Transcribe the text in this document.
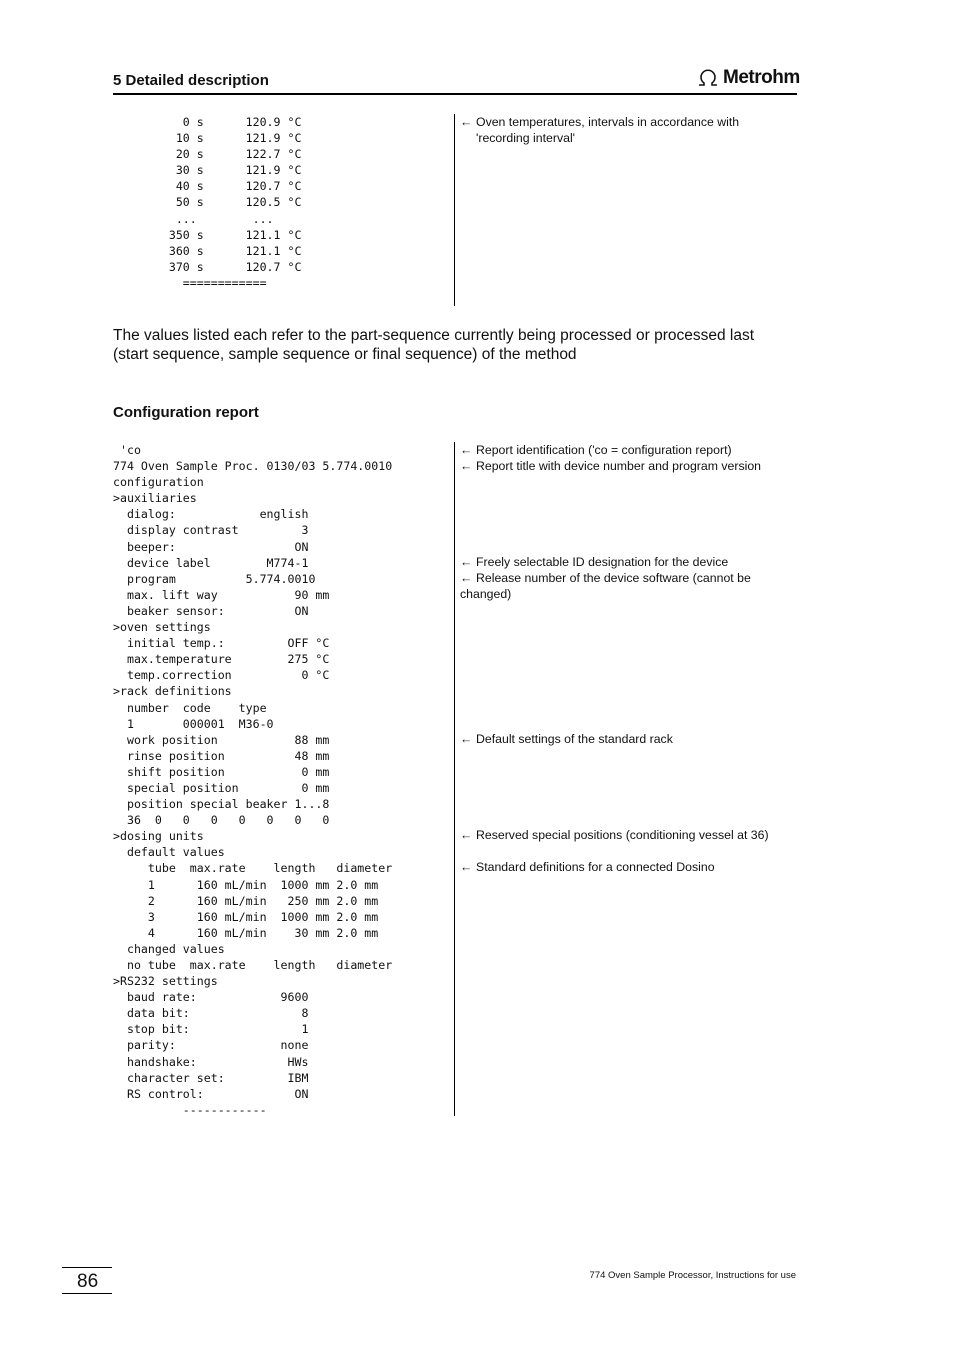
5 Detailed description	Metrohm
0 s      120.9 °C
10 s      121.9 °C
20 s      122.7 °C
30 s      121.9 °C
40 s      120.7 °C
50 s      120.5 °C
...        ...
350 s      121.1 °C
360 s      121.1 °C
370 s      120.7 °C
============
← Oven temperatures, intervals in accordance with
'recording interval'
The values listed each refer to the part-sequence currently being processed or processed last (start sequence, sample sequence or final sequence) of the method
Configuration report
'co
774 Oven Sample Proc. 0130/03 5.774.0010
configuration
>auxiliaries
dialog:            english
display contrast         3
beeper:                 ON
device label        M774-1
program          5.774.0010
max. lift way           90 mm
beaker sensor:          ON
>oven settings
initial temp.:         OFF °C
max.temperature        275 °C
temp.correction          0 °C
>rack definitions
number  code    type
1       000001  M36-0
work position           88 mm
rinse position          48 mm
shift position           0 mm
special position         0 mm
position special beaker 1...8
36  0   0   0   0   0   0   0
>dosing units
default values
tube  max.rate    length   diameter
1      160 mL/min  1000 mm 2.0 mm
2      160 mL/min   250 mm 2.0 mm
3      160 mL/min  1000 mm 2.0 mm
4      160 mL/min    30 mm 2.0 mm
changed values
no tube  max.rate    length   diameter
>RS232 settings
baud rate:            9600
data bit:                8
stop bit:                1
parity:               none
handshake:             HWs
character set:         IBM
RS control:             ON
------------
← Report identification ('co = configuration report)
← Report title with device number and program version
← Freely selectable ID designation for the device
← Release number of the device software (cannot be
changed)
← Default settings of the standard rack
← Reserved special positions (conditioning vessel at 36)
← Standard definitions for a connected Dosino
86	774 Oven Sample Processor, Instructions for use
